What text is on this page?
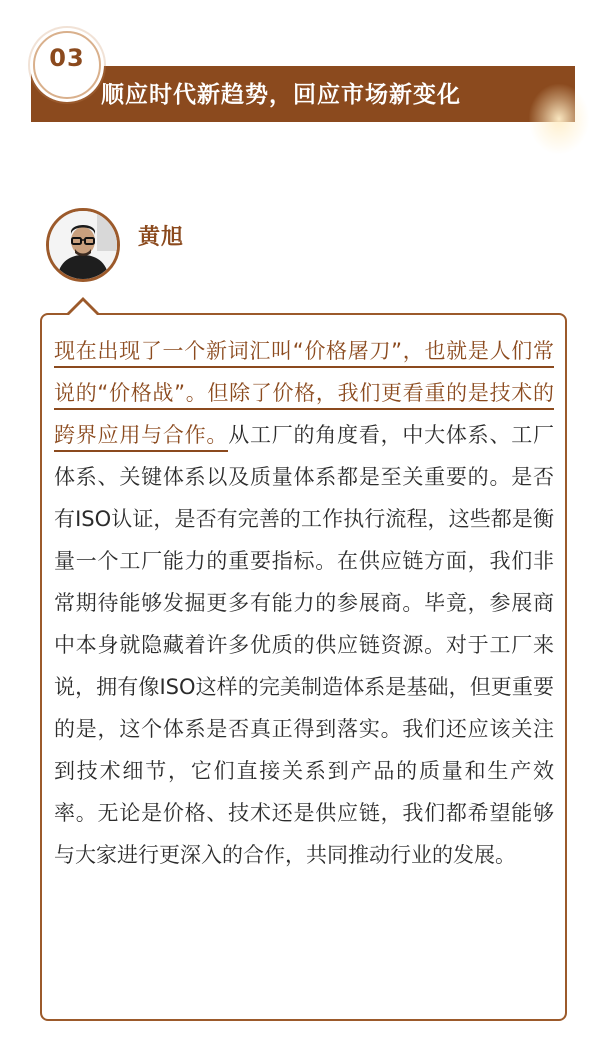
顺应时代新趋势，回应市场新变化
03
黄旭

现在出现了一个新词汇叫“价格屠刀”，也就是人们常说的“价格战”。但除了价格，我们更看重的是技术的跨界应用与合作。从工厂的角度看，中大体系、工厂体系、关键体系以及质量体系都是至关重要的。是否有ISO认证，是否有完善的工作执行流程，这些都是衡量一个工厂能力的重要指标。在供应链方面，我们非常期待能够发掘更多有能力的参展商。毕竟，参展商中本身就隐藏着许多优质的供应链资源。对于工厂来说，拥有像ISO这样的完美制造体系是基础，但更重要的是，这个体系是否真正得到落实。我们还应该关注到技术细节，它们直接关系到产品的质量和生产效率。无论是价格、技术还是供应链，我们都希望能够与大家进行更深入的合作，共同推动行业的发展。
